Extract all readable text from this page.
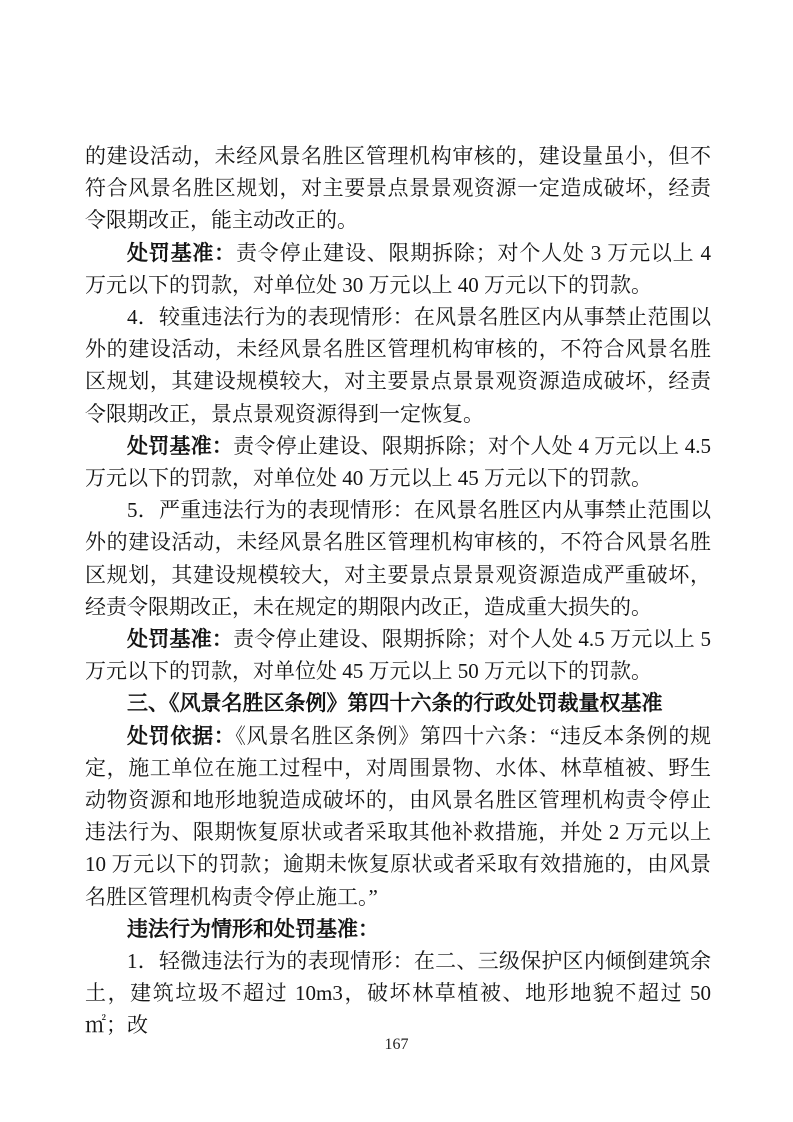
的建设活动，未经风景名胜区管理机构审核的，建设量虽小，但不符合风景名胜区规划，对主要景点景景观资源一定造成破坏，经责令限期改正，能主动改正的。

处罚基准：责令停止建设、限期拆除；对个人处 3 万元以上 4 万元以下的罚款，对单位处 30 万元以上 40 万元以下的罚款。

4．较重违法行为的表现情形：在风景名胜区内从事禁止范围以外的建设活动，未经风景名胜区管理机构审核的，不符合风景名胜区规划，其建设规模较大，对主要景点景景观资源造成破坏，经责令限期改正，景点景观资源得到一定恢复。

处罚基准：责令停止建设、限期拆除；对个人处 4 万元以上 4.5 万元以下的罚款，对单位处 40 万元以上 45 万元以下的罚款。

5．严重违法行为的表现情形：在风景名胜区内从事禁止范围以外的建设活动，未经风景名胜区管理机构审核的，不符合风景名胜区规划，其建设规模较大，对主要景点景景观资源造成严重破坏，经责令限期改正，未在规定的期限内改正，造成重大损失的。

处罚基准：责令停止建设、限期拆除；对个人处 4.5 万元以上 5 万元以下的罚款，对单位处 45 万元以上 50 万元以下的罚款。

三、《风景名胜区条例》第四十六条的行政处罚裁量权基准

处罚依据：《风景名胜区条例》第四十六条：“违反本条例的规定，施工单位在施工过程中，对周围景物、水体、林草植被、野生动物资源和地形地貌造成破坏的，由风景名胜区管理机构责令停止违法行为、限期恢复原状或者采取其他补救措施，并处 2 万元以上 10 万元以下的罚款；逾期未恢复原状或者采取有效措施的，由风景名胜区管理机构责令停止施工。”

违法行为情形和处罚基准：

1．轻微违法行为的表现情形：在二、三级保护区内倾倒建筑余土，建筑垃圾不超过 10m3，破坏林草植被、地形地貌不超过 50 ㎡；改

167
